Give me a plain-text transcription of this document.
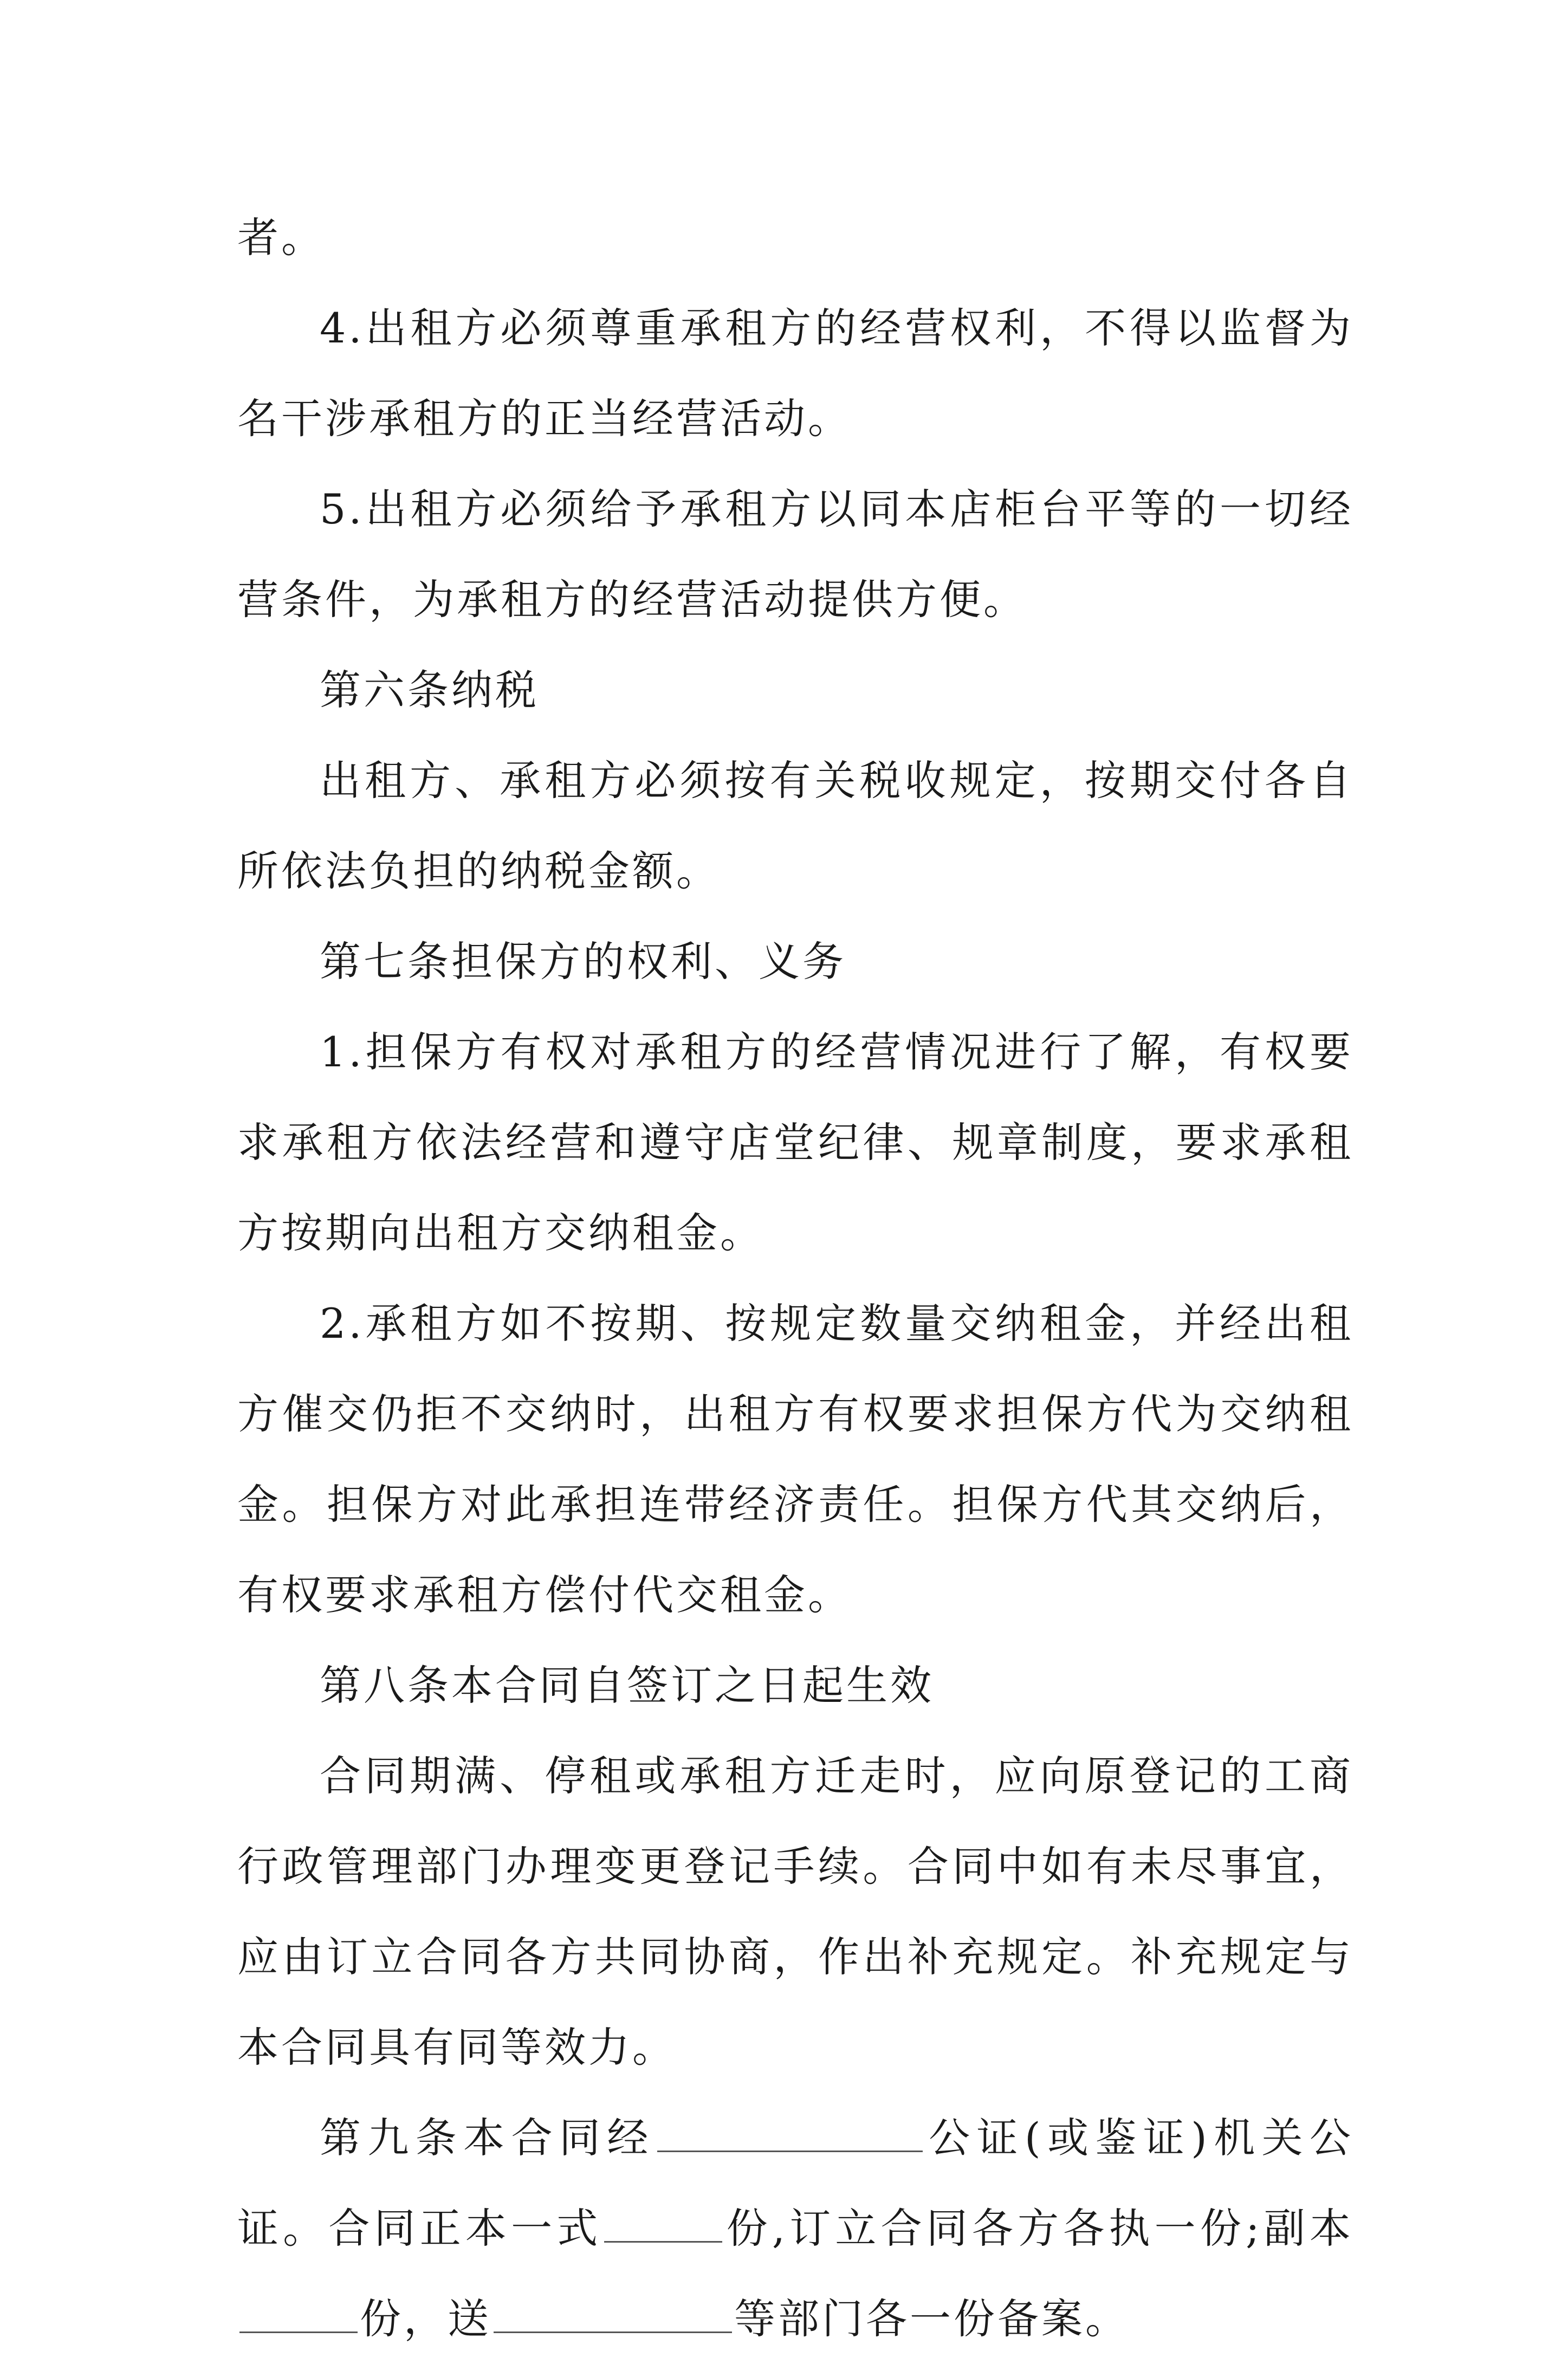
者。

4.出租方必须尊重承租方的经营权利，不得以监督为名干涉承租方的正当经营活动。

5.出租方必须给予承租方以同本店柜台平等的一切经营条件，为承租方的经营活动提供方便。

第六条纳税

出租方、承租方必须按有关税收规定，按期交付各自所依法负担的纳税金额。

第七条担保方的权利、义务

1.担保方有权对承租方的经营情况进行了解，有权要求承租方依法经营和遵守店堂纪律、规章制度，要求承租方按期向出租方交纳租金。

2.承租方如不按期、按规定数量交纳租金，并经出租方催交仍拒不交纳时，出租方有权要求担保方代为交纳租金。担保方对此承担连带经济责任。担保方代其交纳后，有权要求承租方偿付代交租金。

第八条本合同自签订之日起生效

合同期满、停租或承租方迁走时，应向原登记的工商行政管理部门办理变更登记手续。合同中如有未尽事宜，应由订立合同各方共同协商，作出补充规定。补充规定与本合同具有同等效力。

第九条本合同经	公证(或鉴证)机关公证。合同正本一式	份,订立合同各方各执一份;副本份，送	等部门各一份备案。
